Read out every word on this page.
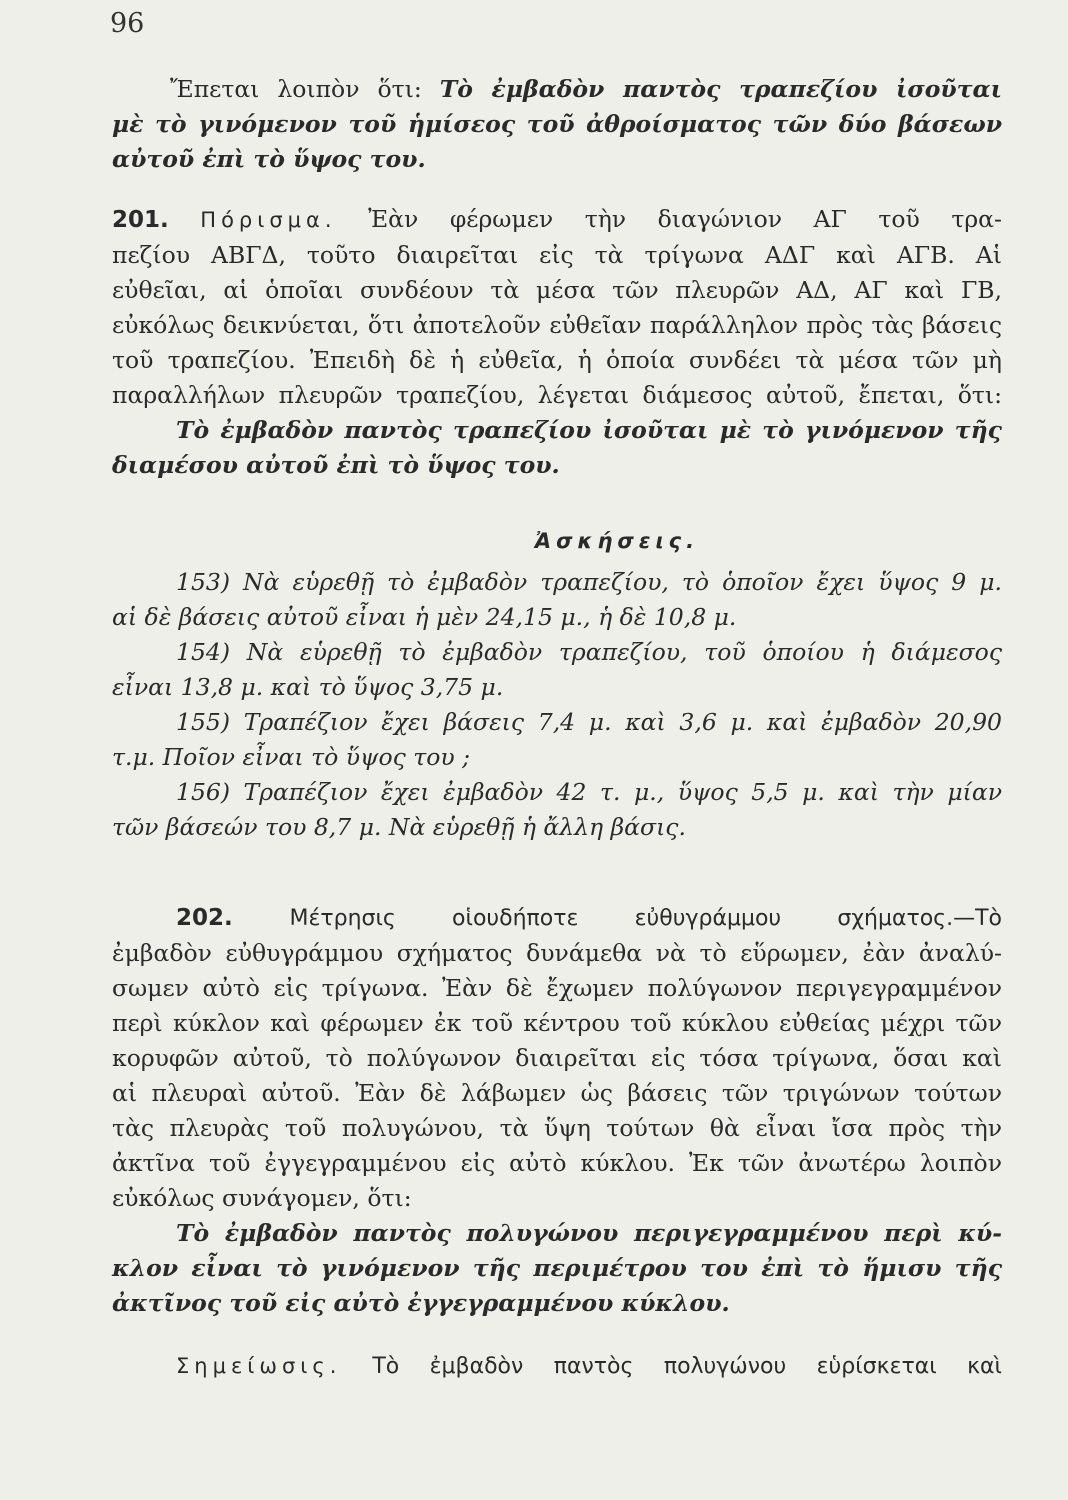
96
Ἔπεται λοιπὸν ὅτι: Τὸ ἐμβαδὸν παντὸς τραπεζίου ἰσοῦται
μὲ τὸ γινόμενον τοῦ ἡμίσεος τοῦ ἀθροίσματος τῶν δύο βάσεων
αὐτοῦ ἐπὶ τὸ ὕψος του.
201. Πόρισμα. Ἐὰν φέρωμεν τὴν διαγώνιον ΑΓ τοῦ τρα-
πεζίου ΑΒΓΔ, τοῦτο διαιρεῖται εἰς τὰ τρίγωνα ΑΔΓ καὶ ΑΓΒ. Αἱ
εὐθεῖαι, αἱ ὁποῖαι συνδέουν τὰ μέσα τῶν πλευρῶν ΑΔ, ΑΓ καὶ ΓΒ,
εὐκόλως δεικνύεται, ὅτι ἀποτελοῦν εὐθεῖαν παράλληλον πρὸς τὰς βάσεις
τοῦ τραπεζίου. Ἐπειδὴ δὲ ἡ εὐθεῖα, ἡ ὁποία συνδέει τὰ μέσα τῶν μὴ
παραλλήλων πλευρῶν τραπεζίου, λέγεται διάμεσος αὐτοῦ, ἔπεται, ὅτι:
Τὸ ἐμβαδὸν παντὸς τραπεζίου ἰσοῦται μὲ τὸ γινόμενον τῆς
διαμέσου αὐτοῦ ἐπὶ τὸ ὕψος του.
Ἀσκήσεις.
153) Νὰ εὑρεθῇ τὸ ἐμβαδὸν τραπεζίου, τὸ ὁποῖον ἔχει ὕψος 9 μ.
αἱ δὲ βάσεις αὐτοῦ εἶναι ἡ μὲν 24,15 μ., ἡ δὲ 10,8 μ.
154) Νὰ εὑρεθῇ τὸ ἐμβαδὸν τραπεζίου, τοῦ ὁποίου ἡ διάμεσος
εἶναι 13,8 μ. καὶ τὸ ὕψος 3,75 μ.
155) Τραπέζιον ἔχει βάσεις 7,4 μ. καὶ 3,6 μ. καὶ ἐμβαδὸν 20,90
τ.μ. Ποῖον εἶναι τὸ ὕψος του ;
156) Τραπέζιον ἔχει ἐμβαδὸν 42 τ. μ., ὕψος 5,5 μ. καὶ τὴν μίαν
τῶν βάσεών του 8,7 μ. Νὰ εὑρεθῇ ἡ ἄλλη βάσις.
202.	Μέτρησις οἱουδήποτε εὐθυγράμμου σχήματος.—Τὸ
ἐμβαδὸν εὐθυγράμμου σχήματος δυνάμεθα νὰ τὸ εὕρωμεν, ἐὰν ἀναλύ-
σωμεν αὐτὸ εἰς τρίγωνα. Ἐὰν δὲ ἔχωμεν πολύγωνον περιγεγραμμένον
περὶ κύκλον καὶ φέρωμεν ἐκ τοῦ κέντρου τοῦ κύκλου εὐθείας μέχρι τῶν
κορυφῶν αὐτοῦ, τὸ πολύγωνον διαιρεῖται εἰς τόσα τρίγωνα, ὅσαι καὶ
αἱ πλευραὶ αὐτοῦ. Ἐὰν δὲ λάβωμεν ὡς βάσεις τῶν τριγώνων τούτων
τὰς πλευρὰς τοῦ πολυγώνου, τὰ ὕψη τούτων θὰ εἶναι ἴσα πρὸς τὴν
ἀκτῖνα τοῦ ἐγγεγραμμένου εἰς αὐτὸ κύκλου. Ἐκ τῶν ἀνωτέρω λοιπὸν
εὐκόλως συνάγομεν, ὅτι:
Τὸ ἐμβαδὸν παντὸς πολυγώνου περιγεγραμμένου περὶ κύ-
κλον εἶναι τὸ γινόμενον τῆς περιμέτρου του ἐπὶ τὸ ἥμισυ τῆς
ἀκτῖνος τοῦ εἰς αὐτὸ ἐγγεγραμμένου κύκλου.
Σημείωσις. Τὸ ἐμβαδὸν παντὸς πολυγώνου εὑρίσκεται καὶ
